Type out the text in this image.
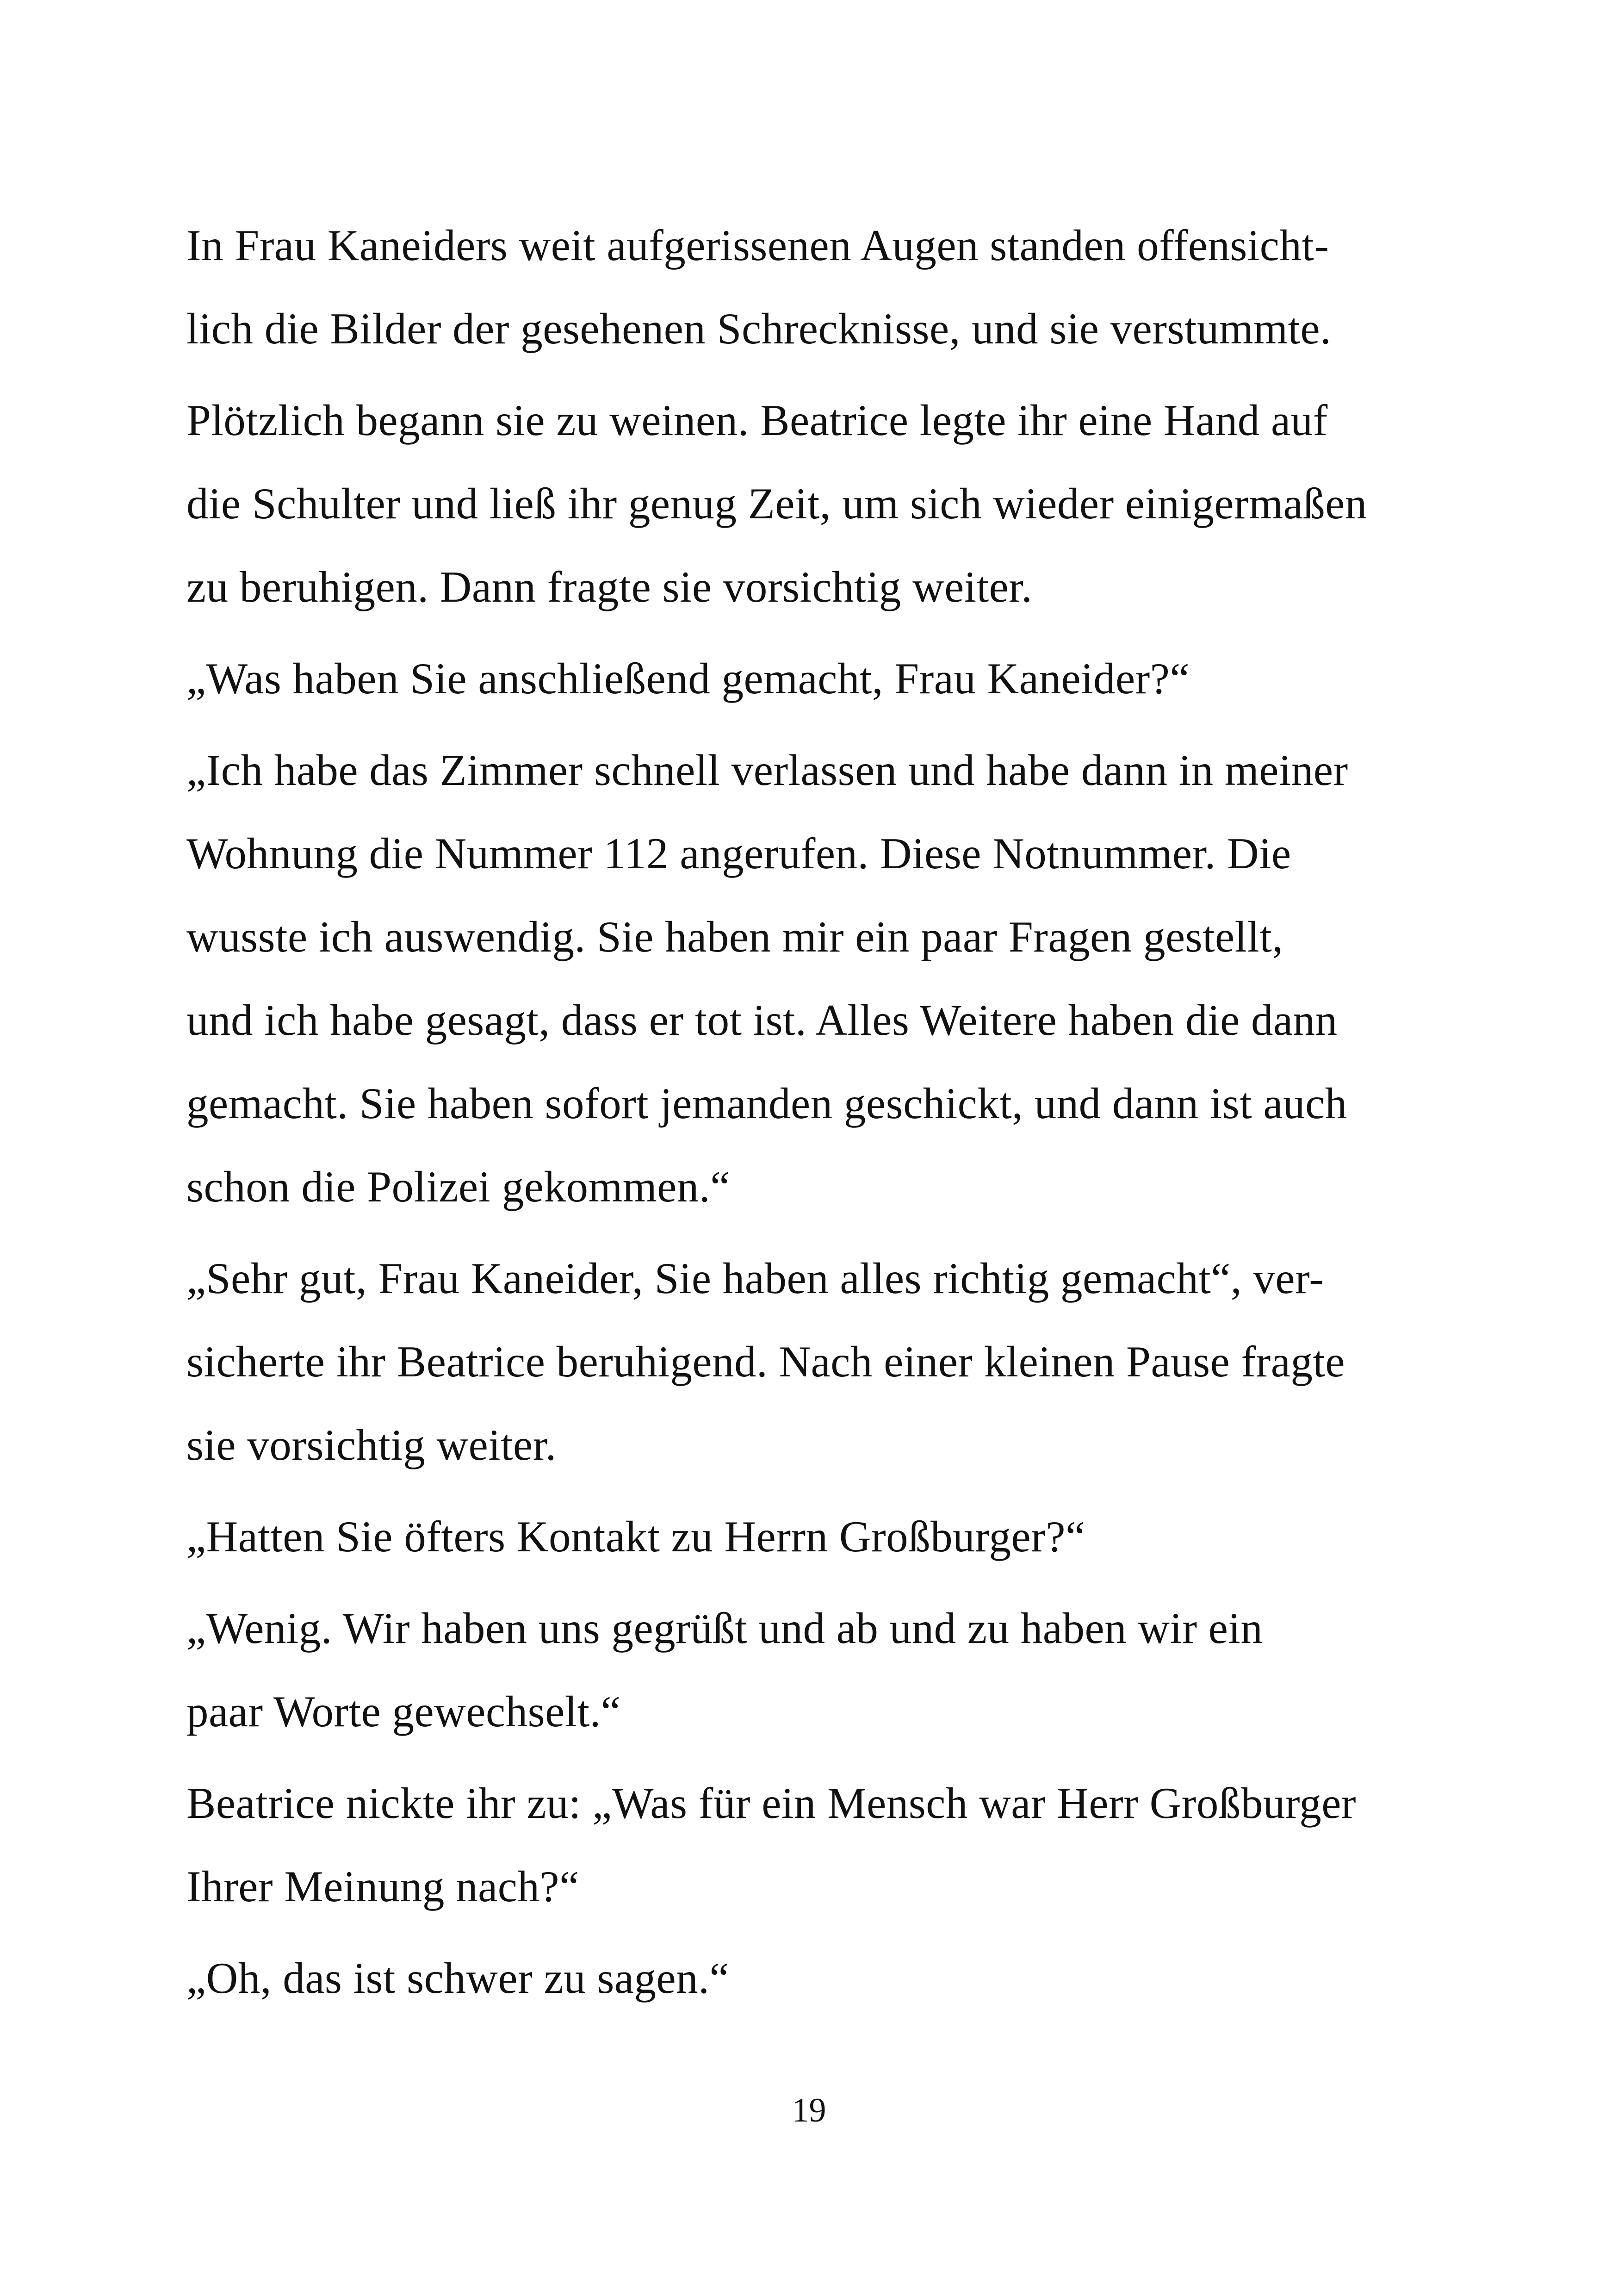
In Frau Kaneiders weit aufgerissenen Augen standen offensicht-
lich die Bilder der gesehenen Schrecknisse, und sie verstummte.
Plötzlich begann sie zu weinen. Beatrice legte ihr eine Hand auf
die Schulter und ließ ihr genug Zeit, um sich wieder einigermaßen
zu beruhigen. Dann fragte sie vorsichtig weiter.
„Was haben Sie anschließend gemacht, Frau Kaneider?“
„Ich habe das Zimmer schnell verlassen und habe dann in meiner
Wohnung die Nummer 112 angerufen. Diese Notnummer. Die
wusste ich auswendig. Sie haben mir ein paar Fragen gestellt,
und ich habe gesagt, dass er tot ist. Alles Weitere haben die dann
gemacht. Sie haben sofort jemanden geschickt, und dann ist auch
schon die Polizei gekommen.“
„Sehr gut, Frau Kaneider, Sie haben alles richtig gemacht“, ver-
sicherte ihr Beatrice beruhigend. Nach einer kleinen Pause fragte
sie vorsichtig weiter.
„Hatten Sie öfters Kontakt zu Herrn Großburger?“
„Wenig. Wir haben uns gegrüßt und ab und zu haben wir ein
paar Worte gewechselt.“
Beatrice nickte ihr zu: „Was für ein Mensch war Herr Großburger
Ihrer Meinung nach?“
„Oh, das ist schwer zu sagen.“
19
